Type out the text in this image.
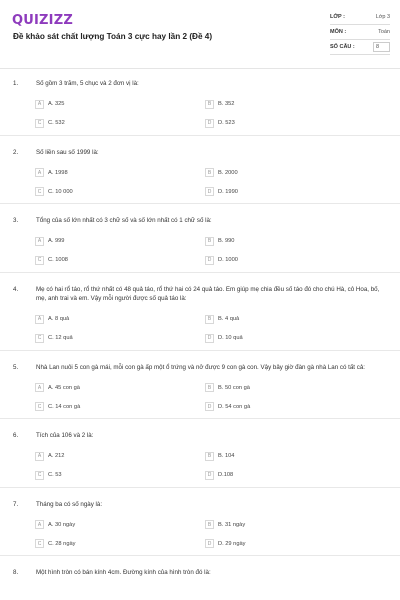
QUIZIZZ
Đề khảo sát chất lượng Toán 3 cực hay lần 2 (Đề 4)
LỚP :	Lớp 3
MÔN :	Toán
SỐ CÂU :	8
1.	Số gồm 3 trăm, 5 chục và 2 đơn vị là:
A	A. 325	B	B. 352
C	C. 532	D	D. 523
2.	Số liền sau số 1999 là:
A	A. 1998	B	B. 2000
C	C. 10 000	D	D. 1990
3.	Tổng của số lớn nhất có 3 chữ số và số lớn nhất có 1 chữ số là:
A	A. 999	B	B. 990
C	C. 1008	D	D. 1000
4.	Mẹ có hai rổ táo, rổ thứ nhất có 48 quả táo, rổ thứ hai có 24 quả táo. Em giúp mẹ chia đều số táo đó cho chú Hà, cô Hoa, bố, mẹ, anh trai và em. Vậy mỗi người được số quả táo là:
A	A. 8 quả	B	B. 4 quả
C	C. 12 quả	D	D. 10 quả
5.	Nhà Lan nuôi 5 con gà mái, mỗi con gà ấp một ổ trứng và nở được 9 con gà con. Vậy bây giờ đàn gà nhà Lan có tất cả:
A	A. 45 con gà	B	B. 50 con gà
C	C. 14 con gà	D	D. 54 con gà
6.	Tích của 106 và 2 là:
A	A. 212	B	B. 104
C	C. 53	D	D.108
7.	Tháng ba có số ngày là:
A	A. 30 ngày	B	B. 31 ngày
C	C. 28 ngày	D	D. 29 ngày
8.	Một hình tròn có bán kính 4cm. Đường kính của hình tròn đó là:
